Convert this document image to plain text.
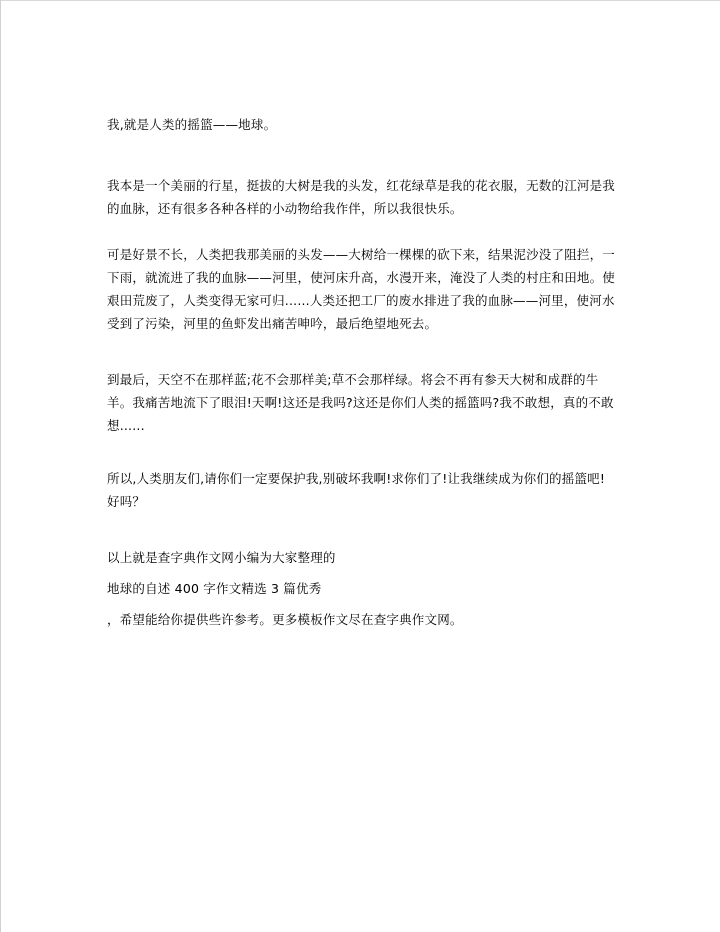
我,就是人类的摇篮——地球。

我本是一个美丽的行星，挺拔的大树是我的头发，红花绿草是我的花衣服，无数的江河是我的血脉，还有很多各种各样的小动物给我作伴，所以我很快乐。

可是好景不长，人类把我那美丽的头发——大树给一棵棵的砍下来，结果泥沙没了阻拦，一下雨，就流进了我的血脉——河里，使河床升高，水漫开来，淹没了人类的村庄和田地。使艰田荒废了，人类变得无家可归......人类还把工厂的废水排进了我的血脉——河里，使河水受到了污染，河里的鱼虾发出痛苦呻吟，最后绝望地死去。

到最后，天空不在那样蓝;花不会那样美;草不会那样绿。将会不再有参天大树和成群的牛羊。我痛苦地流下了眼泪!天啊!这还是我吗?这还是你们人类的摇篮吗?我不敢想，真的不敢想......

所以,人类朋友们,请你们一定要保护我,别破坏我啊!求你们了!让我继续成为你们的摇篮吧!好吗？

以上就是查字典作文网小编为大家整理的

地球的自述 400 字作文精选 3 篇优秀

，希望能给你提供些许参考。更多模板作文尽在查字典作文网。
